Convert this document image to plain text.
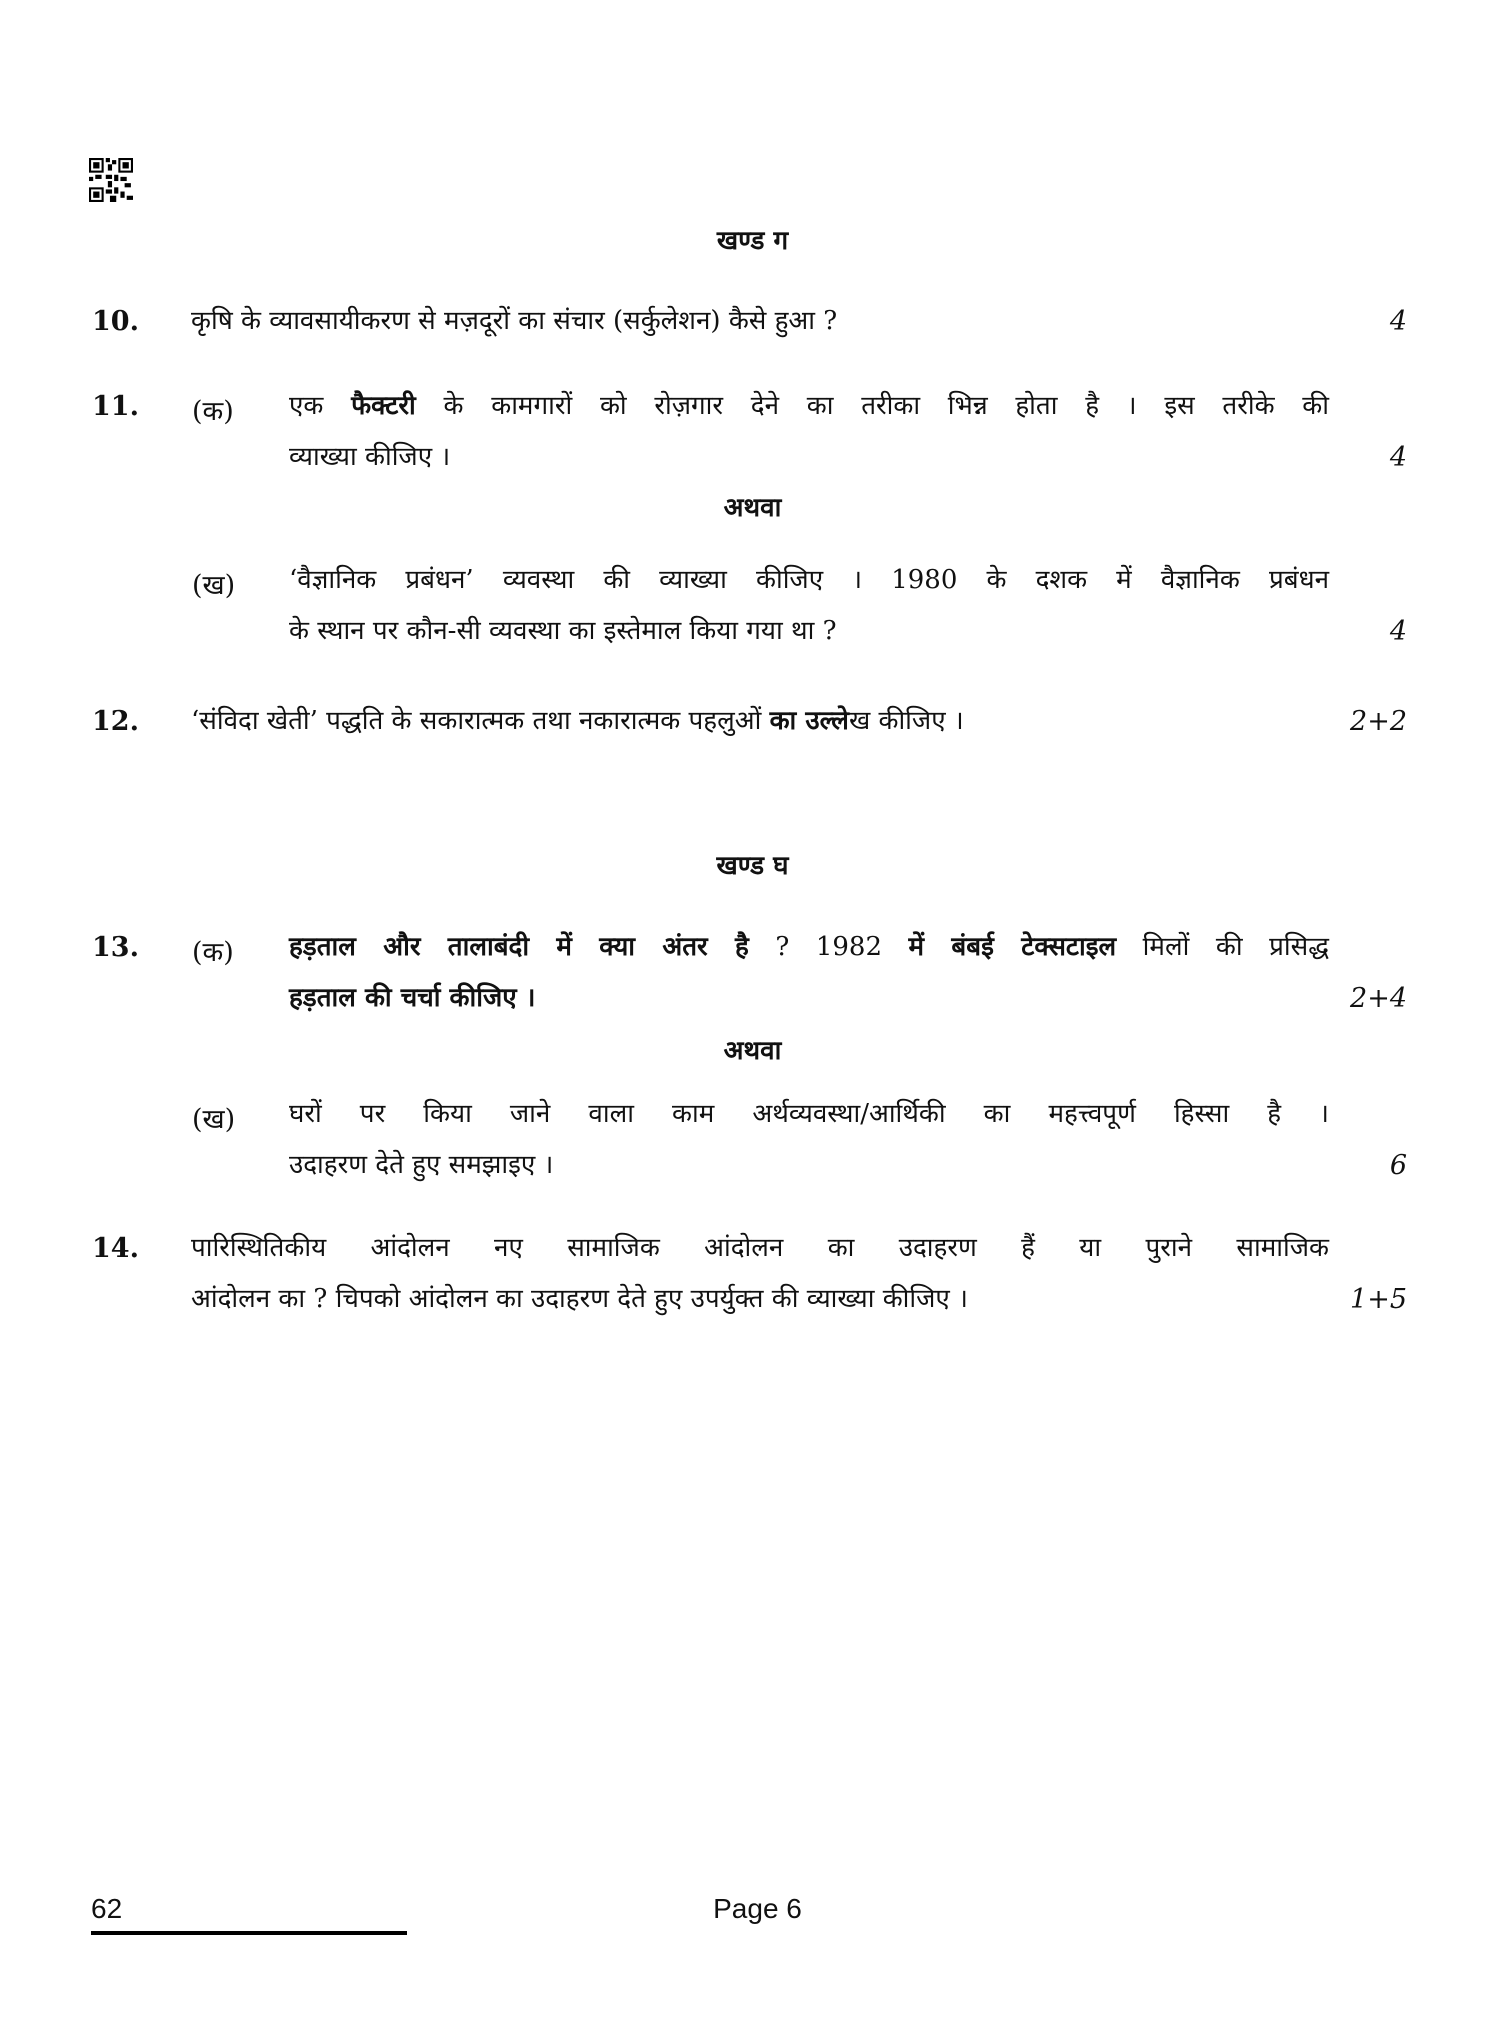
खण्ड ग
10. कृषि के व्यावसायीकरण से मज़दूरों का संचार (सर्कुलेशन) कैसे हुआ ?	4
11. (क) एक फैक्टरी के कामगारों को रोज़गार देने का तरीका भिन्न होता है । इस तरीके की
व्याख्या कीजिए ।	4
अथवा
(ख) ‘वैज्ञानिक प्रबंधन’ व्यवस्था की व्याख्या कीजिए । 1980 के दशक में वैज्ञानिक प्रबंधन
के स्थान पर कौन-सी व्यवस्था का इस्तेमाल किया गया था ?	4
12. ‘संविदा खेती’ पद्धति के सकारात्मक तथा नकारात्मक पहलुओं का उल्लेख कीजिए ।	2+2
खण्ड घ
13. (क) हड़ताल और तालाबंदी में क्या अंतर है ? 1982 में बंबई टेक्सटाइल मिलों की प्रसिद्ध
हड़ताल की चर्चा कीजिए ।	2+4
अथवा
(ख) घरों पर किया जाने वाला काम अर्थव्यवस्था/आर्थिकी का महत्त्वपूर्ण हिस्सा है ।
उदाहरण देते हुए समझाइए ।	6
14. पारिस्थितिकीय आंदोलन नए सामाजिक आंदोलन का उदाहरण हैं या पुराने सामाजिक
आंदोलन का ? चिपको आंदोलन का उदाहरण देते हुए उपर्युक्त की व्याख्या कीजिए ।	1+5
62	Page 6
